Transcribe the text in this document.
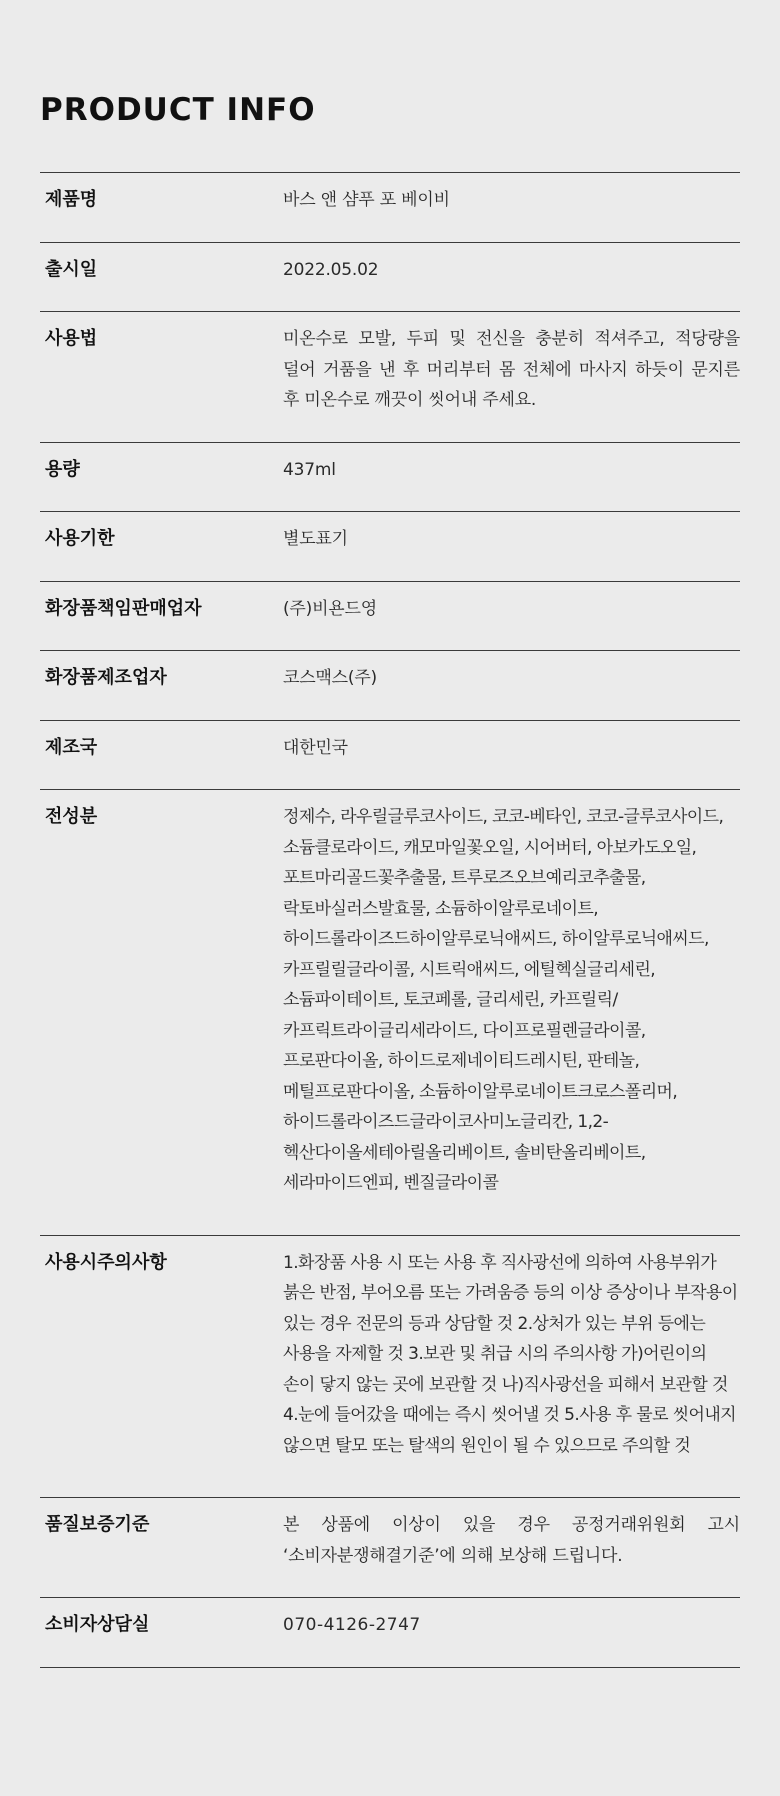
PRODUCT INFO
제품명	바스 앤 샴푸 포 베이비
출시일	2022.05.02
사용법	미온수로 모발, 두피 및 전신을 충분히 적셔주고, 적당량을 덜어 거품을 낸 후 머리부터 몸 전체에 마사지 하듯이 문지른 후 미온수로 깨끗이 씻어내 주세요.
용량	437ml
사용기한	별도표기
화장품책임판매업자	(주)비욘드영
화장품제조업자	코스맥스(주)
제조국	대한민국
전성분	정제수, 라우릴글루코사이드, 코코-베타인, 코코-글루코사이드, 소듐클로라이드, 캐모마일꽃오일, 시어버터, 아보카도오일, 포트마리골드꽃추출물, 트루로즈오브예리코추출물, 락토바실러스발효물, 소듐하이알루로네이트, 하이드롤라이즈드하이알루로닉애씨드, 하이알루로닉애씨드, 카프릴릴글라이콜, 시트릭애씨드, 에틸헥실글리세린, 소듐파이테이트, 토코페롤, 글리세린, 카프릴릭/카프릭트라이글리세라이드, 다이프로필렌글라이콜, 프로판다이올, 하이드로제네이티드레시틴, 판테놀, 메틸프로판다이올, 소듐하이알루로네이트크로스폴리머, 하이드롤라이즈드글라이코사미노글리칸, 1,2-헥산다이올세테아릴올리베이트, 솔비탄올리베이트, 세라마이드엔피, 벤질글라이콜
사용시주의사항	1.화장품 사용 시 또는 사용 후 직사광선에 의하여 사용부위가 붉은 반점, 부어오름 또는 가려움증 등의 이상 증상이나 부작용이 있는 경우 전문의 등과 상담할 것 2.상처가 있는 부위 등에는 사용을 자제할 것 3.보관 및 취급 시의 주의사항 가)어린이의 손이 닿지 않는 곳에 보관할 것 나)직사광선을 피해서 보관할 것 4.눈에 들어갔을 때에는 즉시 씻어낼 것 5.사용 후 물로 씻어내지 않으면 탈모 또는 탈색의 원인이 될 수 있으므로 주의할 것
품질보증기준	본 상품에 이상이 있을 경우 공정거래위원회 고시 ‘소비자분쟁해결기준’에 의해 보상해 드립니다.
소비자상담실	070-4126-2747
